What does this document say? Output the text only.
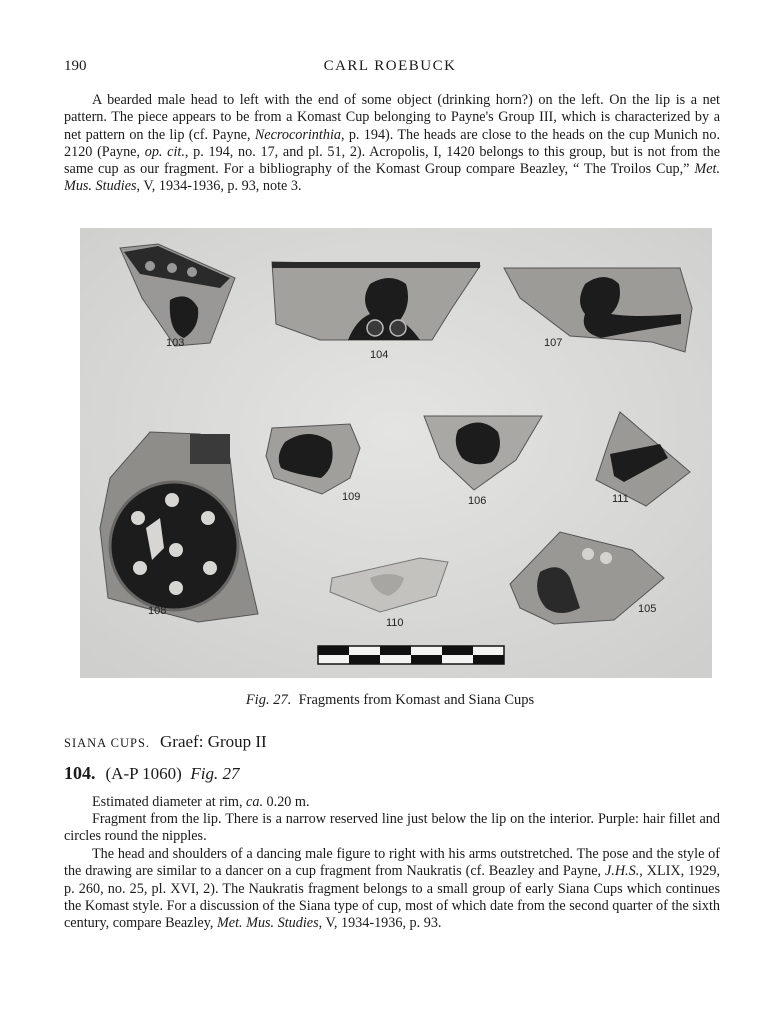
190	CARL ROEBUCK

A bearded male head to left with the end of some object (drinking horn?) on the left. On the lip is a net pattern. The piece appears to be from a Komast Cup belonging to Payne's Group III, which is characterized by a net pattern on the lip (cf. Payne, Necrocorinthia, p. 194). The heads are close to the heads on the cup Munich no. 2120 (Payne, op. cit., p. 194, no. 17, and pl. 51, 2). Acropolis, I, 1420 belongs to this group, but is not from the same cup as our fragment. For a bibliography of the Komast Group compare Beazley, “ The Troilos Cup,” Met. Mus. Studies, V, 1934-1936, p. 93, note 3.

103
104
107
109	106	111
108
110
105
Fig. 27. Fragments from Komast and Siana Cups
SIANA CUPS. Graef: Group II
104. (A-P 1060) Fig. 27

Estimated diameter at rim, ca. 0.20 m.

Fragment from the lip. There is a narrow reserved line just below the lip on the interior. Purple: hair fillet and circles round the nipples.

The head and shoulders of a dancing male figure to right with his arms outstretched. The pose and the style of the drawing are similar to a dancer on a cup fragment from Naukratis (cf. Beazley and Payne, J.H.S., XLIX, 1929, p. 260, no. 25, pl. XVI, 2). The Naukratis fragment belongs to a small group of early Siana Cups which continues the Komast style. For a discussion of the Siana type of cup, most of which date from the second quarter of the sixth century, compare Beazley, Met. Mus. Studies, V, 1934-1936, p. 93.
